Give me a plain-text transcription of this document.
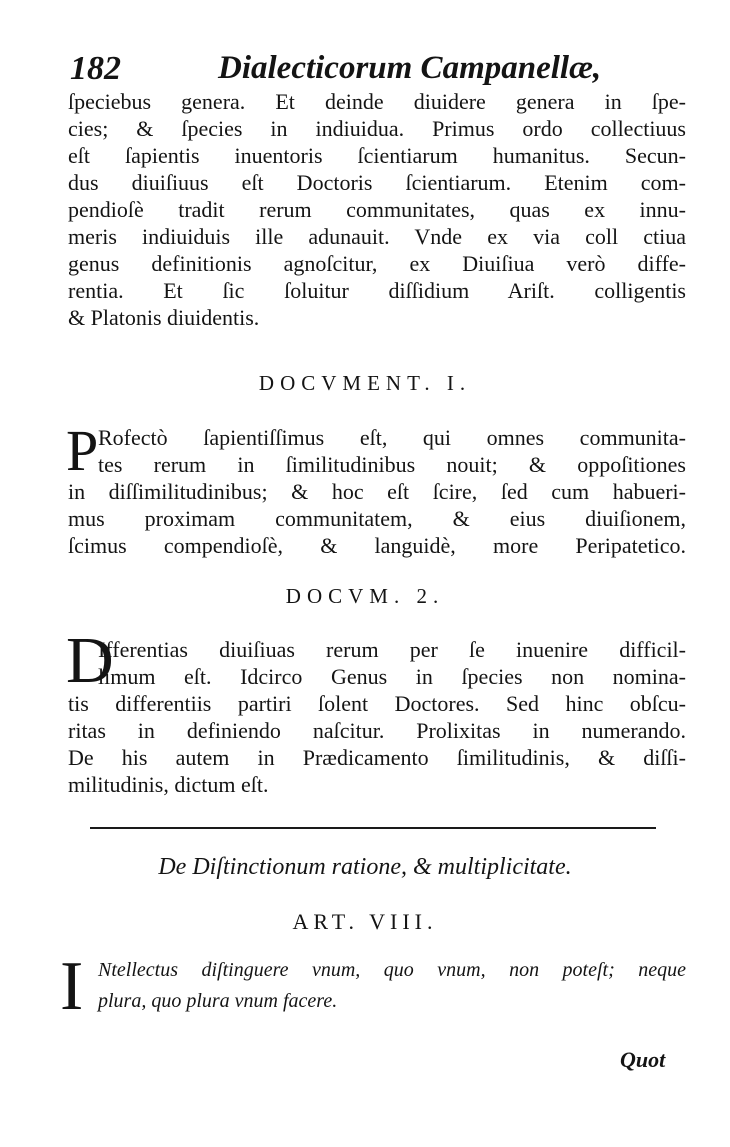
182	Dialecticorum Campanellæ,
ſpeciebus genera. Et deinde diuidere genera in ſpe-
cies; & ſpecies in indiuidua. Primus ordo collectiuus
eſt ſapientis inuentoris ſcientiarum humanitus. Secun-
dus diuiſiuus eſt Doctoris ſcientiarum. Etenim com-
pendioſè tradit rerum communitates, quas ex innu-
meris indiuiduis ille adunauit. Vnde ex via coll ctiua
genus definitionis agnoſcitur, ex Diuiſiua verò diffe-
rentia. Et ſic ſoluitur diſſidium Ariſt. colligentis
& Platonis diuidentis.
DOCVMENT. I.
P Rofectò ſapientiſſimus eſt, qui omnes communita-
tes rerum in ſimilitudinibus nouit; & oppoſitiones
in diſſimilitudinibus; & hoc eſt ſcire, ſed cum habueri-
mus proximam communitatem, & eius diuiſionem,
ſcimus compendioſè, & languidè, more Peripatetico.
DOCVM. 2.
D
Ifferentias diuiſiuas rerum per ſe inuenire difficil-
limum eſt. Idcirco Genus in ſpecies non nomina-
tis differentiis partiri ſolent Doctores. Sed hinc obſcu-
ritas in definiendo naſcitur. Prolixitas in numerando.
De his autem in Prædicamento ſimilitudinis, & diſſi-
militudinis, dictum eſt.
De Diſtinctionum ratione, & multiplicitate.
ART. VIII.
I Ntellectus diſtinguere vnum, quo vnum, non poteſt; neque
plura, quo plura vnum facere.
Quot
